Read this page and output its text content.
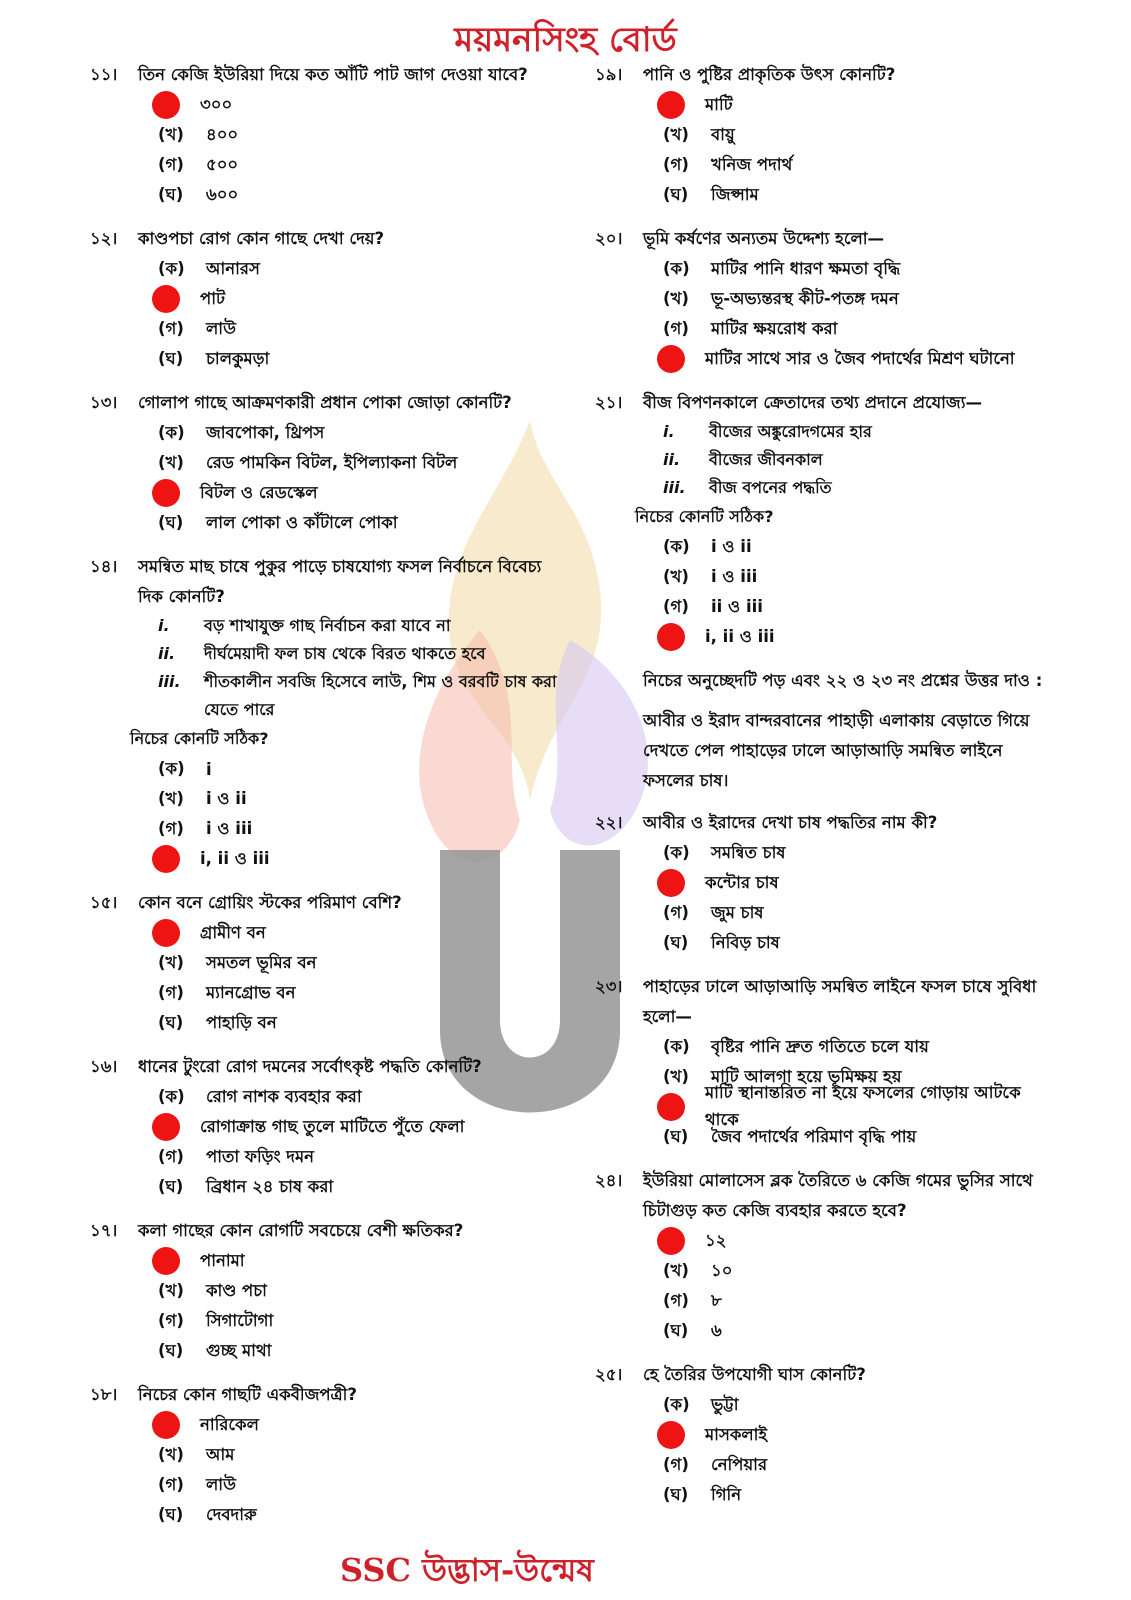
ময়মনসিংহ বোর্ড
১১।	তিন কেজি ইউরিয়া দিয়ে কত আঁটি পাট জাগ দেওয়া যাবে?
৩০০
(খ)	৪০০
(গ)	৫০০
(ঘ)	৬০০
১২।	কাণ্ডপচা রোগ কোন গাছে দেখা দেয়?
(ক)	আনারস
পাট
(গ)	লাউ
(ঘ)	চালকুমড়া
১৩।	গোলাপ গাছে আক্রমণকারী প্রধান পোকা জোড়া কোনটি?
(ক)	জাবপোকা, থ্রিপস
(খ)	রেড পামকিন বিটল, ইপিল্যাকনা বিটল
বিটল ও রেডস্কেল
(ঘ)	লাল পোকা ও কাঁটালে পোকা
১৪।	সমন্বিত মাছ চাষে পুকুর পাড়ে চাষযোগ্য ফসল নির্বাচনে বিবেচ্য দিক কোনটি?
i.	বড় শাখাযুক্ত গাছ নির্বাচন করা যাবে না
ii.	দীর্ঘমেয়াদী ফল চাষ থেকে বিরত থাকতে হবে
iii.	শীতকালীন সবজি হিসেবে লাউ, শিম ও বরবটি চাষ করা যেতে পারে
নিচের কোনটি সঠিক?
(ক)	i
(খ)	i ও ii
(গ)	i ও iii
i, ii ও iii
১৫।	কোন বনে গ্রোয়িং স্টকের পরিমাণ বেশি?
গ্রামীণ বন
(খ)	সমতল ভূমির বন
(গ)	ম্যানগ্রোভ বন
(ঘ)	পাহাড়ি বন
১৬।	ধানের টুংরো রোগ দমনের সর্বোৎকৃষ্ট পদ্ধতি কোনটি?
(ক)	রোগ নাশক ব্যবহার করা
রোগাক্রান্ত গাছ তুলে মাটিতে পুঁতে ফেলা
(গ)	পাতা ফড়িং দমন
(ঘ)	ব্রিধান ২৪ চাষ করা
১৭।	কলা গাছের কোন রোগটি সবচেয়ে বেশী ক্ষতিকর?
পানামা
(খ)	কাণ্ড পচা
(গ)	সিগাটোগা
(ঘ)	গুচ্ছ মাথা
১৮।	নিচের কোন গাছটি একবীজপত্রী?
নারিকেল
(খ)	আম
(গ)	লাউ
(ঘ)	দেবদারু
১৯।	পানি ও পুষ্টির প্রাকৃতিক উৎস কোনটি?
মাটি
(খ)	বায়ু
(গ)	খনিজ পদার্থ
(ঘ)	জিপ্সাম
২০।	ভূমি কর্ষণের অন্যতম উদ্দেশ্য হলো—
(ক)	মাটির পানি ধারণ ক্ষমতা বৃদ্ধি
(খ)	ভূ-অভ্যন্তরস্থ কীট-পতঙ্গ দমন
(গ)	মাটির ক্ষয়রোধ করা
মাটির সাথে সার ও জৈব পদার্থের মিশ্রণ ঘটানো
২১।	বীজ বিপণনকালে ক্রেতাদের তথ্য প্রদানে প্রযোজ্য—
i.	বীজের অঙ্কুরোদগমের হার
ii.	বীজের জীবনকাল
iii.	বীজ বপনের পদ্ধতি
নিচের কোনটি সঠিক?
(ক)	i ও ii
(খ)	i ও iii
(গ)	ii ও iii
i, ii ও iii
নিচের অনুচ্ছেদটি পড় এবং ২২ ও ২৩ নং প্রশ্নের উত্তর দাও :
আবীর ও ইরাদ বান্দরবানের পাহাড়ী এলাকায় বেড়াতে গিয়ে দেখতে পেল পাহাড়ের ঢালে আড়াআড়ি সমন্বিত লাইনে ফসলের চাষ।
২২।	আবীর ও ইরাদের দেখা চাষ পদ্ধতির নাম কী?
(ক)	সমন্বিত চাষ
কন্টোর চাষ
(গ)	জুম চাষ
(ঘ)	নিবিড় চাষ
২৩।	পাহাড়ের ঢালে আড়াআড়ি সমন্বিত লাইনে ফসল চাষে সুবিধা হলো—
(ক)	বৃষ্টির পানি দ্রুত গতিতে চলে যায়
(খ)	মাটি আলগা হয়ে ভূমিক্ষয় হয়
মাটি স্থানান্তরিত না হয়ে ফসলের গোড়ায় আটকে থাকে
(ঘ)	জৈব পদার্থের পরিমাণ বৃদ্ধি পায়
২৪।	ইউরিয়া মোলাসেস ব্লক তৈরিতে ৬ কেজি গমের ভুসির সাথে চিটাগুড় কত কেজি ব্যবহার করতে হবে?
১২
(খ)	১০
(গ)	৮
(ঘ)	৬
২৫।	হে তৈরির উপযোগী ঘাস কোনটি?
(ক)	ভুট্টা
মাসকলাই
(গ)	নেপিয়ার
(ঘ)	গিনি
SSC উদ্ভাস-উন্মেষ
